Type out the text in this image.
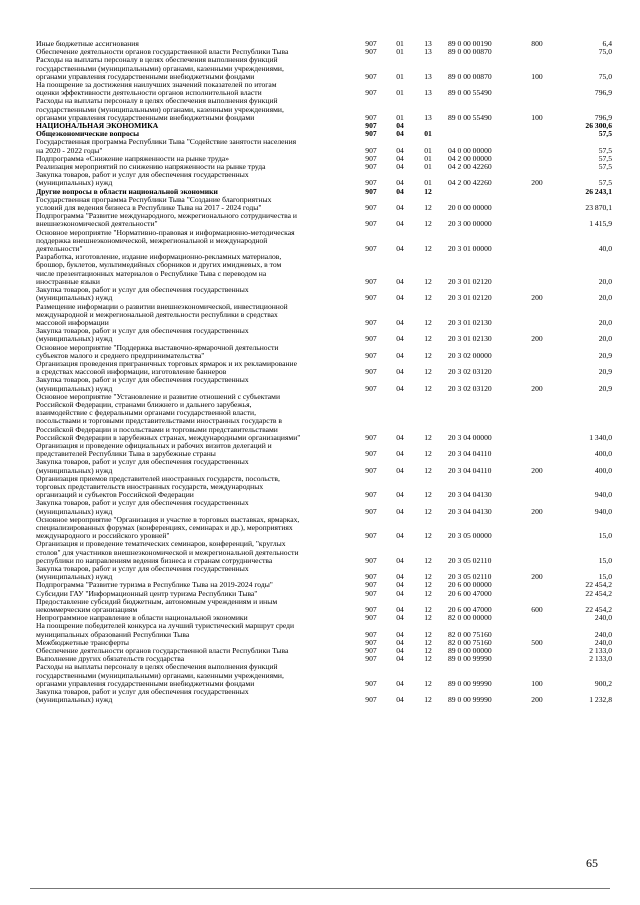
Иные бюджетные ассигнования	907	01	13	89 0 00 00190	800	6,4
Обеспечение деятельности органов государственной власти Республики Тыва	907	01	13	89 0 00 00870	75,0
Расходы на выплаты персоналу в целях обеспечения выполнения функций
государственными (муниципальными) органами, казенными учреждениями,
органами управления государственными внебюджетными фондами	907	01	13	89 0 00 00870	100	75,0
На поощрение за достижения наилучших значений показателей по итогам
оценки эффективности деятельности органов исполнительной власти	907	01	13	89 0 00 55490	796,9
Расходы на выплаты персоналу в целях обеспечения выполнения функций
государственными (муниципальными) органами, казенными учреждениями,
органами управления государственными внебюджетными фондами	907	01	13	89 0 00 55490	100	796,9
НАЦИОНАЛЬНАЯ ЭКОНОМИКА	907	04	26 300,6
Общеэкономические вопросы	907	04	01	57,5
Государственная программа Республики Тыва "Содействие занятости населения
на 2020 - 2022 годы"	907	04	01	04 0 00 00000	57,5
Подпрограмма «Снижение напряженности на рынке труда»	907	04	01	04 2 00 00000	57,5
Реализация мероприятий по снижению напряженности на рынке труда	907	04	01	04 2 00 42260	57,5
Закупка товаров, работ и услуг для обеспечения государственных
(муниципальных) нужд	907	04	01	04 2 00 42260	200	57,5
Другие вопросы в области национальной экономики	907	04	12	26 243,1
Государственная программа Республики Тыва "Создание благоприятных
условий для ведения бизнеса в Республике Тыва на 2017 - 2024 годы"	907	04	12	20 0 00 00000	23 870,1
Подпрограмма "Развитие международного, межрегионального сотрудничества и
внешнеэкономической деятельности"	907	04	12	20 3 00 00000	1 415,9
Основное мероприятие "Нормативно-правовая и информационно-методическая
поддержка внешнеэкономической, межрегиональной и международной
деятельности"	907	04	12	20 3 01 00000	40,0
Разработка, изготовление, издание информационно-рекламных материалов,
брошюр, буклетов, мультимедийных сборников и других имиджевых, в том
числе презентационных материалов о Республике Тыва с переводом на
иностранные языки	907	04	12	20 3 01 02120	20,0
Закупка товаров, работ и услуг для обеспечения государственных
(муниципальных) нужд	907	04	12	20 3 01 02120	200	20,0
Размещение информации о развитии внешнеэкономической, инвестиционной
международной и межрегиональной деятельности республики в средствах
массовой информации	907	04	12	20 3 01 02130	20,0
Закупка товаров, работ и услуг для обеспечения государственных
(муниципальных) нужд	907	04	12	20 3 01 02130	200	20,0
Основное мероприятие "Поддержка выставочно-ярмарочной деятельности
субъектов малого и среднего предпринимательства"	907	04	12	20 3 02 00000	20,9
Организация проведения приграничных торговых ярмарок и их рекламирование
в средствах массовой информации, изготовление баннеров	907	04	12	20 3 02 03120	20,9
Закупка товаров, работ и услуг для обеспечения государственных
(муниципальных) нужд	907	04	12	20 3 02 03120	200	20,9
Основное мероприятие "Установление и развитие отношений с субъектами
Российской Федерации, странами ближнего и дальнего зарубежья,
взаимодействие с федеральными органами государственной власти,
посольствами и торговыми представительствами иностранных государств в
Российской Федерации и посольствами и торговыми представительствами
Российской Федерации в зарубежных странах, международными организациями"	907	04	12	20 3 04 00000	1 340,0
Организация и проведение официальных и рабочих визитов делегаций и
представителей Республики Тыва в зарубежные страны	907	04	12	20 3 04 04110	400,0
Закупка товаров, работ и услуг для обеспечения государственных
(муниципальных) нужд	907	04	12	20 3 04 04110	200	400,0
Организация приемов представителей иностранных государств, посольств,
торговых представительств иностранных государств, международных
организаций и субъектов Российской Федерации	907	04	12	20 3 04 04130	940,0
Закупка товаров, работ и услуг для обеспечения государственных
(муниципальных) нужд	907	04	12	20 3 04 04130	200	940,0
Основное мероприятие "Организация и участие в торговых выставках, ярмарках,
специализированных форумах (конференциях, семинарах и др.), мероприятиях
международного и российского уровней"	907	04	12	20 3 05 00000	15,0
Организация и проведение тематических семинаров, конференций, "круглых
столов" для участников внешнеэкономической и межрегиональной деятельности
республики по направлениям ведения бизнеса и странам сотрудничества	907	04	12	20 3 05 02110	15,0
Закупка товаров, работ и услуг для обеспечения государственных
(муниципальных) нужд	907	04	12	20 3 05 02110	200	15,0
Подпрограмма "Развитие туризма в Республике Тыва на 2019-2024 годы"	907	04	12	20 6 00 00000	22 454,2
Субсидии ГАУ "Информационный центр туризма Республики Тыва"	907	04	12	20 6 00 47000	22 454,2
Предоставление субсидий бюджетным, автономным учреждениям и иным
некоммерческим организациям	907	04	12	20 6 00 47000	600	22 454,2
Непрограммное направление в области национальной экономики	907	04	12	82 0 00 00000	240,0
На поощрение победителей конкурса на лучший туристический маршрут среди
муниципальных образований Республики Тыва	907	04	12	82 0 00 75160	240,0
Межбюджетные трансферты	907	04	12	82 0 00 75160	500	240,0
Обеспечение деятельности органов государственной власти Республики Тыва	907	04	12	89 0 00 00000	2 133,0
Выполнение других обязательств государства	907	04	12	89 0 00 99990	2 133,0
Расходы на выплаты персоналу в целях обеспечения выполнения функций
государственными (муниципальными) органами, казенными учреждениями,
органами управления государственными внебюджетными фондами	907	04	12	89 0 00 99990	100	900,2
Закупка товаров, работ и услуг для обеспечения государственных
(муниципальных) нужд	907	04	12	89 0 00 99990	200	1 232,8
65
